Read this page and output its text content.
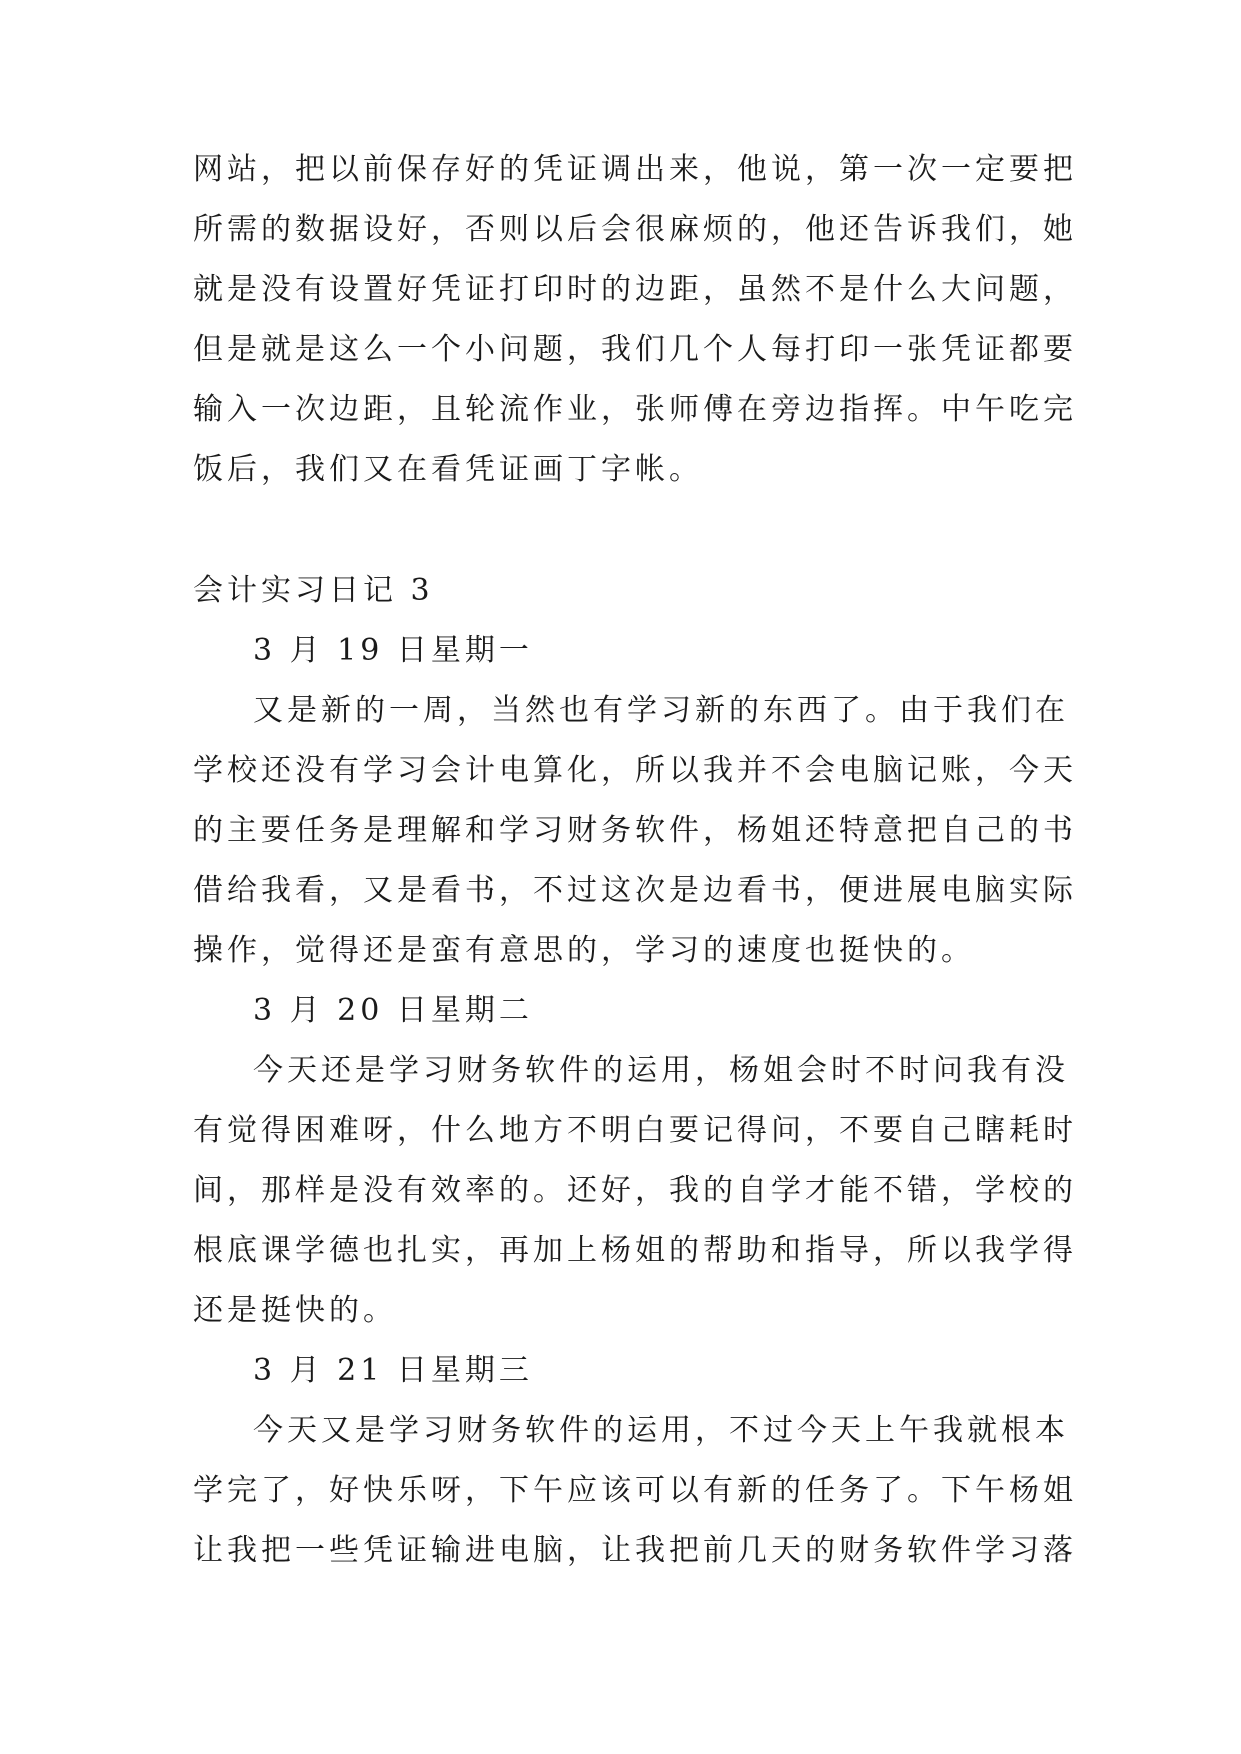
网站，把以前保存好的凭证调出来，他说，第一次一定要把
所需的数据设好，否则以后会很麻烦的，他还告诉我们，她
就是没有设置好凭证打印时的边距，虽然不是什么大问题，
但是就是这么一个小问题，我们几个人每打印一张凭证都要
输入一次边距，且轮流作业，张师傅在旁边指挥。中午吃完
饭后，我们又在看凭证画丁字帐。
会计实习日记 3
3 月 19 日星期一
又是新的一周，当然也有学习新的东西了。由于我们在
学校还没有学习会计电算化，所以我并不会电脑记账，今天
的主要任务是理解和学习财务软件，杨姐还特意把自己的书
借给我看，又是看书，不过这次是边看书，便进展电脑实际
操作，觉得还是蛮有意思的，学习的速度也挺快的。
3 月 20 日星期二
今天还是学习财务软件的运用，杨姐会时不时问我有没
有觉得困难呀，什么地方不明白要记得问，不要自己瞎耗时
间，那样是没有效率的。还好，我的自学才能不错，学校的
根底课学德也扎实，再加上杨姐的帮助和指导，所以我学得
还是挺快的。
3 月 21 日星期三
今天又是学习财务软件的运用，不过今天上午我就根本
学完了，好快乐呀，下午应该可以有新的任务了。下午杨姐
让我把一些凭证输进电脑，让我把前几天的财务软件学习落
